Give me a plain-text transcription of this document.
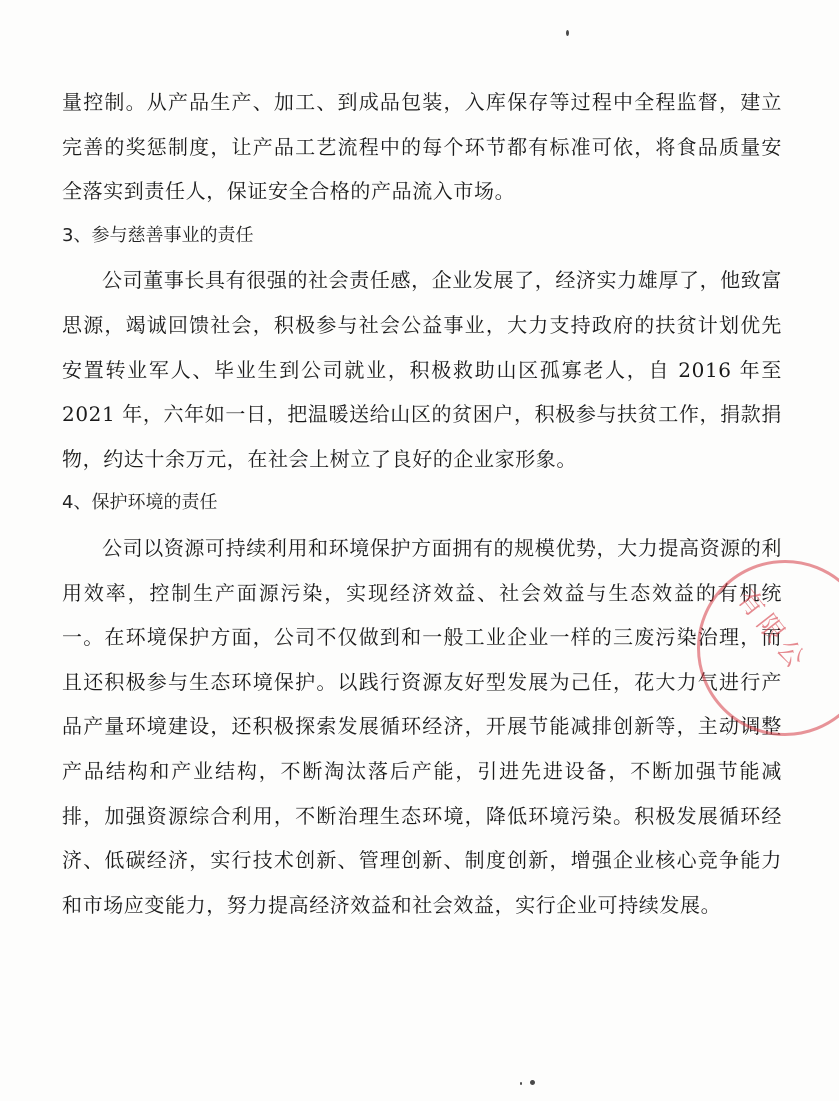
量控制。从产品生产、加工、到成品包装，入库保存等过程中全程监督，建立完善的奖惩制度，让产品工艺流程中的每个环节都有标准可依，将食品质量安全落实到责任人，保证安全合格的产品流入市场。

3、参与慈善事业的责任

公司董事长具有很强的社会责任感，企业发展了，经济实力雄厚了，他致富思源，竭诚回馈社会，积极参与社会公益事业，大力支持政府的扶贫计划优先安置转业军人、毕业生到公司就业，积极救助山区孤寡老人，自 2016 年至 2021 年，六年如一日，把温暖送给山区的贫困户，积极参与扶贫工作，捐款捐物，约达十余万元，在社会上树立了良好的企业家形象。

4、保护环境的责任

公司以资源可持续利用和环境保护方面拥有的规模优势，大力提高资源的利用效率，控制生产面源污染，实现经济效益、社会效益与生态效益的有机统一。在环境保护方面，公司不仅做到和一般工业企业一样的三废污染治理，而且还积极参与生态环境保护。以践行资源友好型发展为己任，花大力气进行产品产量环境建设，还积极探索发展循环经济，开展节能减排创新等，主动调整产品结构和产业结构，不断淘汰落后产能，引进先进设备，不断加强节能减排，加强资源综合利用，不断治理生态环境，降低环境污染。积极发展循环经济、低碳经济，实行技术创新、管理创新、制度创新，增强企业核心竞争能力和市场应变能力，努力提高经济效益和社会效益，实行企业可持续发展。

有限公
